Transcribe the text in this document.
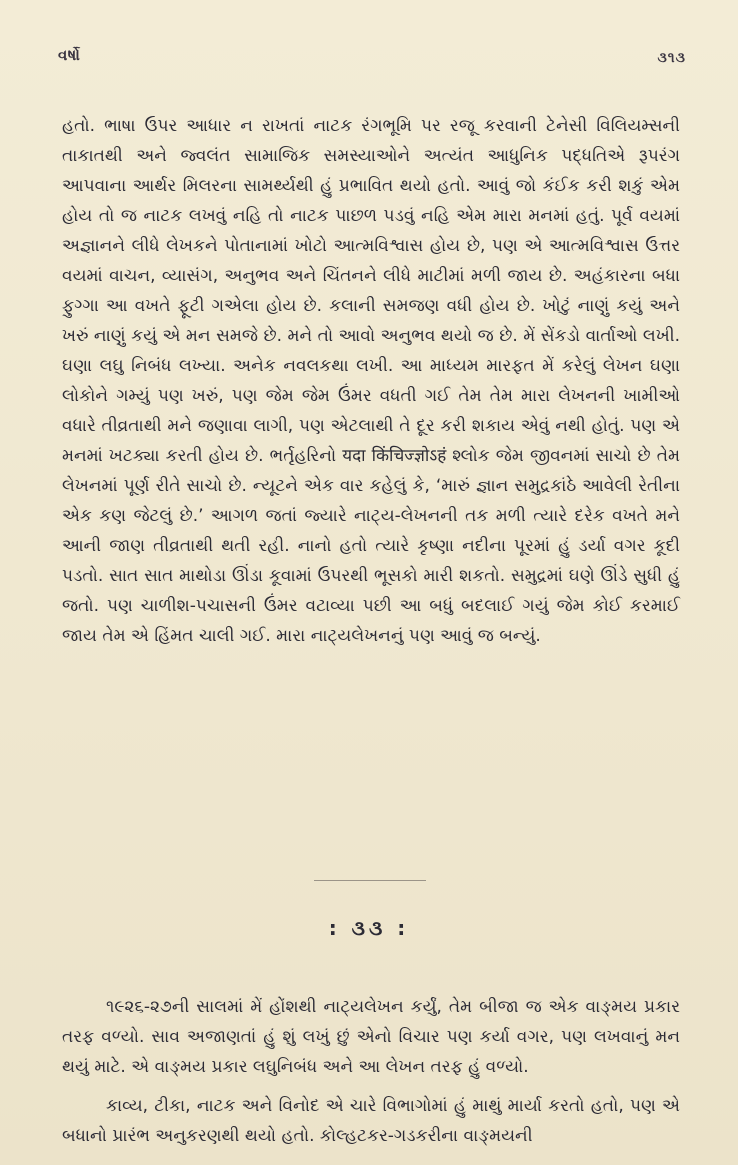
વર્ષો	૩૧૩

હતો. ભાષા ઉપર આધાર ન રાખતાં નાટક રંગભૂમિ પર રજૂ કરવાની ટેનેસી વિલિયમ્સની તાકાતથી અને જ્વલંત સામાજિક સમસ્યાઓને અત્યંત આધુનિક પદ્ધતિએ રૂપરંગ આપવાના આર્થર મિલરના સામર્થ્યથી હું પ્રભાવિત થયો હતો. આવું જો કંઈક કરી શકું એમ હોય તો જ નાટક લખવું નહિ તો નાટક પાછળ પડવું નહિ એમ મારા મનમાં હતું. પૂર્વ વયમાં અજ્ઞાનને લીધે લેખકને પોતાનામાં ખોટો આત્મવિશ્વાસ હોય છે, પણ એ આત્મવિશ્વાસ ઉત્તર વયમાં વાચન, વ્યાસંગ, અનુભવ અને ચિંતનને લીધે માટીમાં મળી જાય છે. અહંકારના બધા ફુગ્ગા આ વખતે ફૂટી ગએલા હોય છે. કલાની સમજણ વધી હોય છે. ખોટું નાણું કયું અને ખરું નાણું કયું એ મન સમજે છે. મને તો આવો અનુભવ થયો જ છે. મેં સેંકડો વાર્તાઓ લખી. ઘણા લઘુ નિબંધ લખ્યા. અનેક નવલકથા લખી. આ માધ્યમ મારફત મેં કરેલું લેખન ઘણા લોકોને ગમ્યું પણ ખરું, પણ જેમ જેમ ઉંમર વધતી ગઈ તેમ તેમ મારા લેખનની ખામીઓ વધારે તીવ્રતાથી મને જણાવા લાગી, પણ એટલાથી તે દૂર કરી શકાય એવું નથી હોતું. પણ એ મનમાં ખટક્યા કરતી હોય છે. ભર્તૃહરિનો यदा किंचिज्ज्ञोऽहं શ્લોક જેમ જીવનમાં સાચો છે તેમ લેખનમાં પૂર્ણ રીતે સાચો છે. ન્યૂટને એક વાર કહેલું કે, ‘મારું જ્ઞાન સમુદ્રકાંઠે આવેલી રેતીના એક કણ જેટલું છે.’ આગળ જતાં જ્યારે નાટ્ય-લેખનની તક મળી ત્યારે દરેક વખતે મને આની જાણ તીવ્રતાથી થતી રહી. નાનો હતો ત્યારે કૃષ્ણા નદીના પૂરમાં હું ડર્યા વગર કૂદી પડતો. સાત સાત માથોડા ઊંડા કૂવામાં ઉપરથી ભૂસકો મારી શકતો. સમુદ્રમાં ઘણે ઊંડે સુધી હું જતો. પણ ચાળીશ-પચાસની ઉંમર વટાવ્યા પછી આ બધું બદલાઈ ગયું જેમ કોઈ કરમાઈ જાય તેમ એ હિંમત ચાલી ગઈ. મારા નાટ્યલેખનનું પણ આવું જ બન્યું.

: ૩૩ :

૧૯૨૬-૨૭ની સાલમાં મેં હોંશથી નાટ્યલેખન કર્યું, તેમ બીજા જ એક વાઙ્મય પ્રકાર તરફ વળ્યો. સાવ અજાણતાં હું શું લખું છું એનો વિચાર પણ કર્યા વગર, પણ લખવાનું મન થયું માટે. એ વાઙ્મય પ્રકાર લઘુનિબંધ અને આ લેખન તરફ હું વળ્યો.

કાવ્ય, ટીકા, નાટક અને વિનોદ એ ચારે વિભાગોમાં હું માથું માર્યા કરતો હતો, પણ એ બધાનો પ્રારંભ અનુકરણથી થયો હતો. કોલ્હટકર-ગડકરીના વાઙ્મયની
